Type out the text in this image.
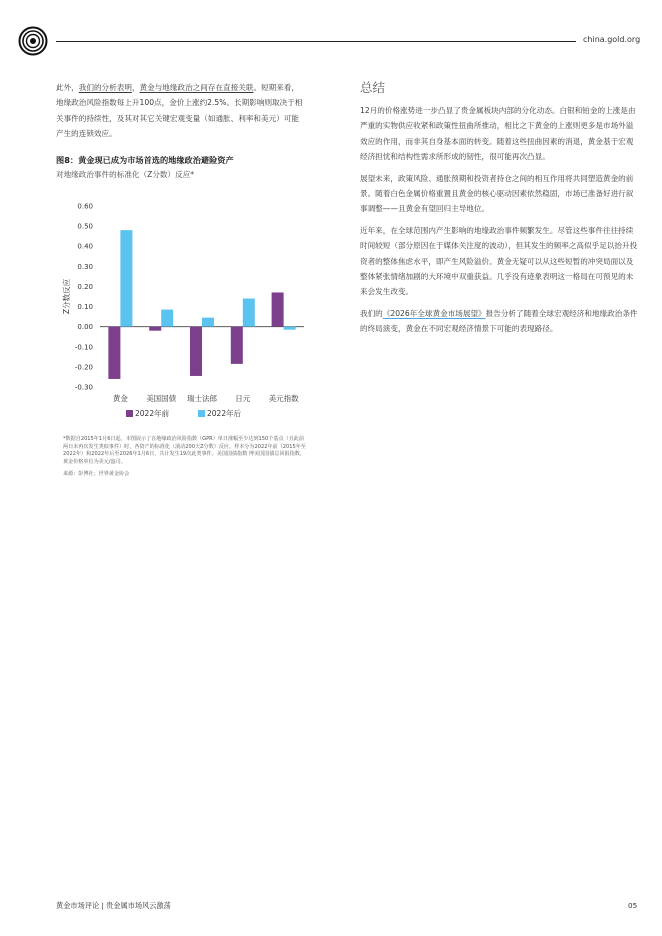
china.gold.org

此外，我们的分析表明，黄金与地缘政治之间存在直接关联。短期来看，地缘政治风险指数每上升100点，金价上涨约2.5%。长期影响则取决于相关事件的持续性，及其对其它关键宏观变量（如通胀、利率和美元）可能产生的连锁效应。

图8：黄金现已成为市场首选的地缘政治避险资产

对地缘政治事件的标准化（Z分数）反应*

0.60
0.50
0.40
0.30
0.20
0.10
0.00
-0.10
-0.20
-0.30
Z分数反应
黄金 美国国债 瑞士法郎 日元 美元指数
2022年前	2022年后

*数据自2015年1月6日起。本图展示了在地缘政治风险指数（GPR）单日涨幅至少达到150个基点（且此前两日未再次发生类似事件）时，各资产的标准化（滚动200天Z分数）反应。样本分为2022年前（2015年至2022年）和2022年后至2026年1月6日，共计发生19次此类事件。美国国债指数 博美国国债总回报指数，黄金价格单位为美元/盎司。

来源：彭博社；世界黄金协会

总结

12月的价格涨势进一步凸显了贵金属板块内部的分化动态。白银和铂金的上涨是由严重的实物供应收紧和政策性扭曲所推动，相比之下黄金的上涨则更多是市场外溢效应的作用，而非其自身基本面的转变。随着这些扭曲因素的消退，黄金基于宏观经济担忧和结构性需求所形成的韧性，很可能再次凸显。

展望未来，政策风险、通胀预期和投资者持仓之间的相互作用将共同塑造黄金的前景。随着白色金属价格重置且黄金的核心驱动因素依然稳固，市场已准备好进行叙事调整——且黄金有望回归主导地位。

近年来，在全球范围内产生影响的地缘政治事件频繁发生。尽管这些事件往往持续时间较短（部分原因在于媒体关注度的波动），但其发生的频率之高似乎足以抬升投资者的整体焦虑水平，即产生风险溢价。黄金无疑可以从这些短暂的冲突局面以及整体紧张情绪加剧的大环境中双重获益。几乎没有迹象表明这一格局在可预见的未来会发生改变。

我们的《2026年全球黄金市场展望》报告分析了随着全球宏观经济和地缘政治条件的终局演变，黄金在不同宏观经济情景下可能的表现路径。

黄金市场评论 | 贵金属市场风云激荡	05
